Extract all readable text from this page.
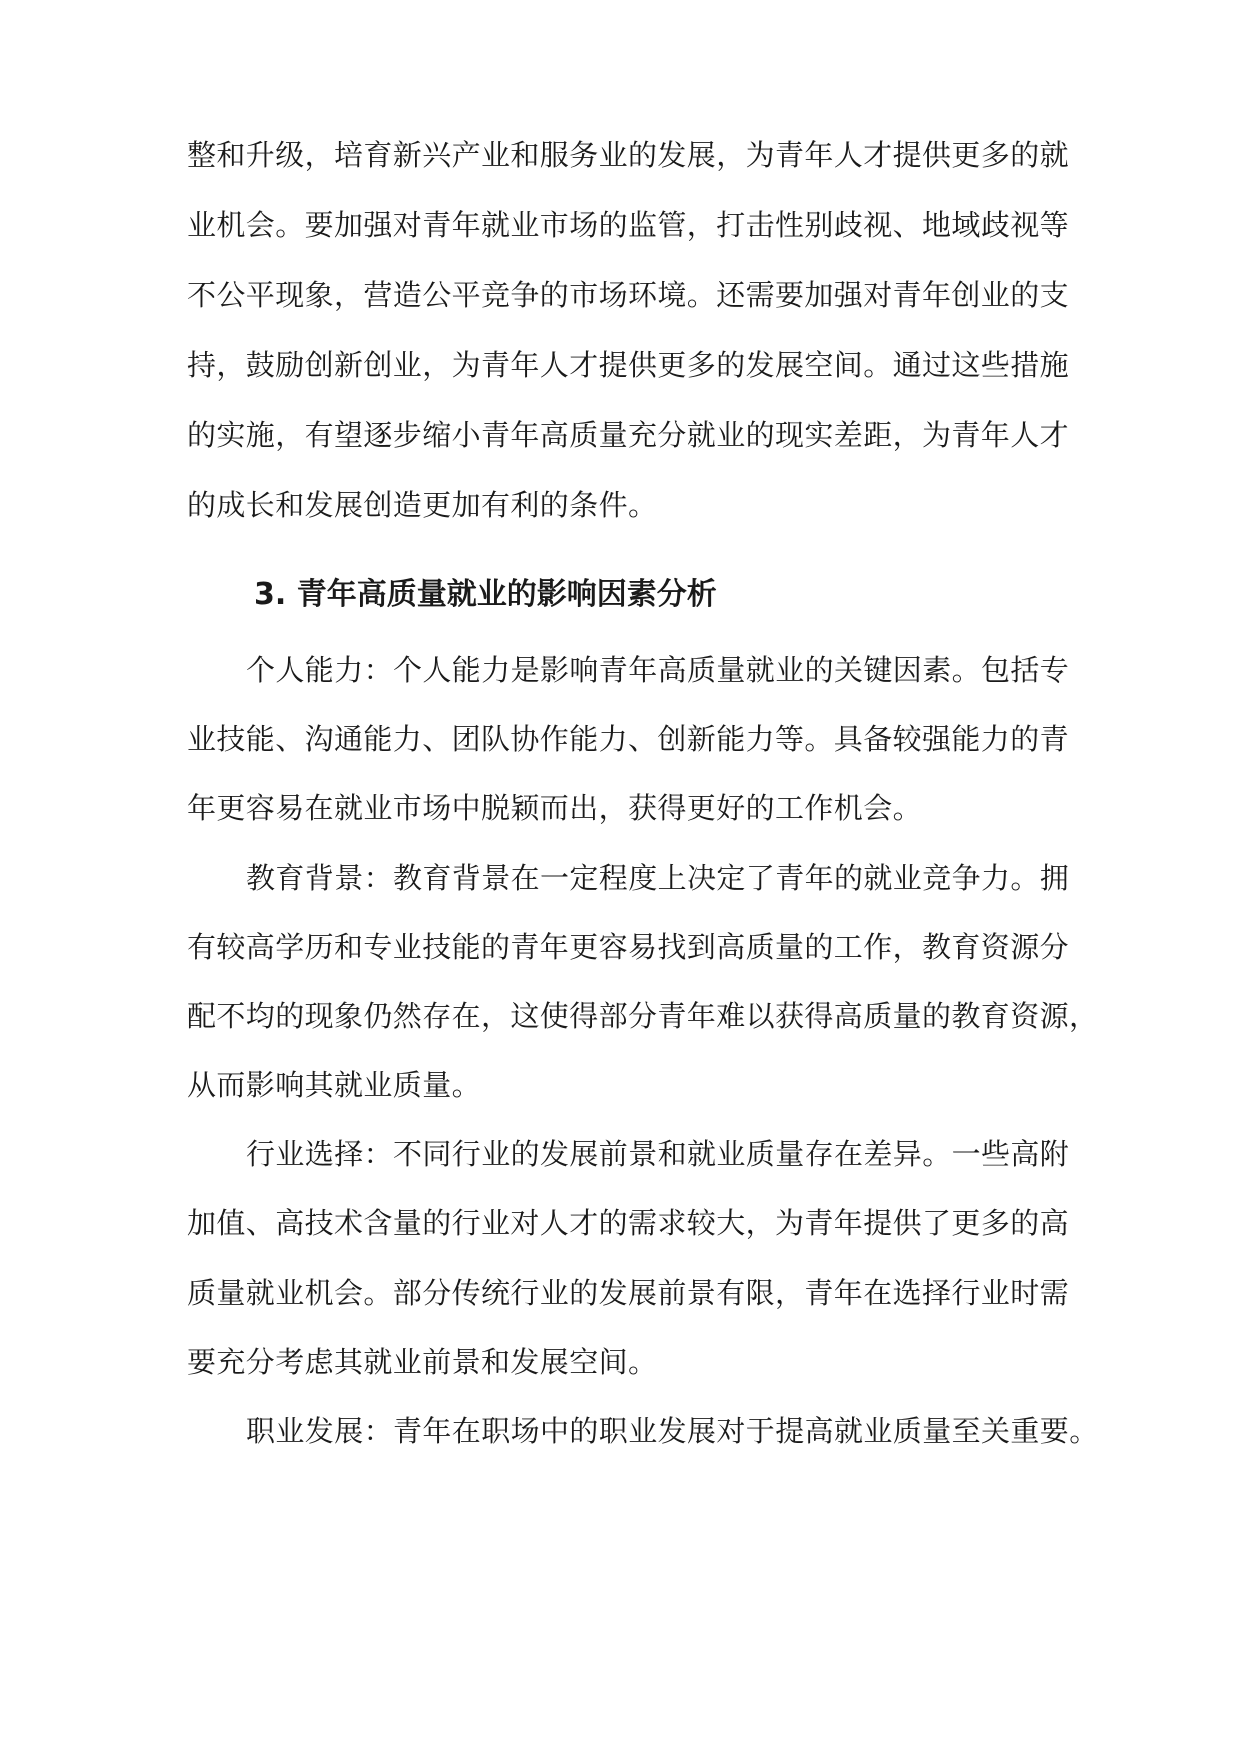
整和升级，培育新兴产业和服务业的发展，为青年人才提供更多的就
业机会。要加强对青年就业市场的监管，打击性别歧视、地域歧视等
不公平现象，营造公平竞争的市场环境。还需要加强对青年创业的支
持，鼓励创新创业，为青年人才提供更多的发展空间。通过这些措施
的实施，有望逐步缩小青年高质量充分就业的现实差距，为青年人才
的成长和发展创造更加有利的条件。
3. 青年高质量就业的影响因素分析
个人能力：个人能力是影响青年高质量就业的关键因素。包括专
业技能、沟通能力、团队协作能力、创新能力等。具备较强能力的青
年更容易在就业市场中脱颖而出，获得更好的工作机会。
教育背景：教育背景在一定程度上决定了青年的就业竞争力。拥
有较高学历和专业技能的青年更容易找到高质量的工作，教育资源分
配不均的现象仍然存在，这使得部分青年难以获得高质量的教育资源，
从而影响其就业质量。
行业选择：不同行业的发展前景和就业质量存在差异。一些高附
加值、高技术含量的行业对人才的需求较大，为青年提供了更多的高
质量就业机会。部分传统行业的发展前景有限，青年在选择行业时需
要充分考虑其就业前景和发展空间。
职业发展：青年在职场中的职业发展对于提高就业质量至关重要。
